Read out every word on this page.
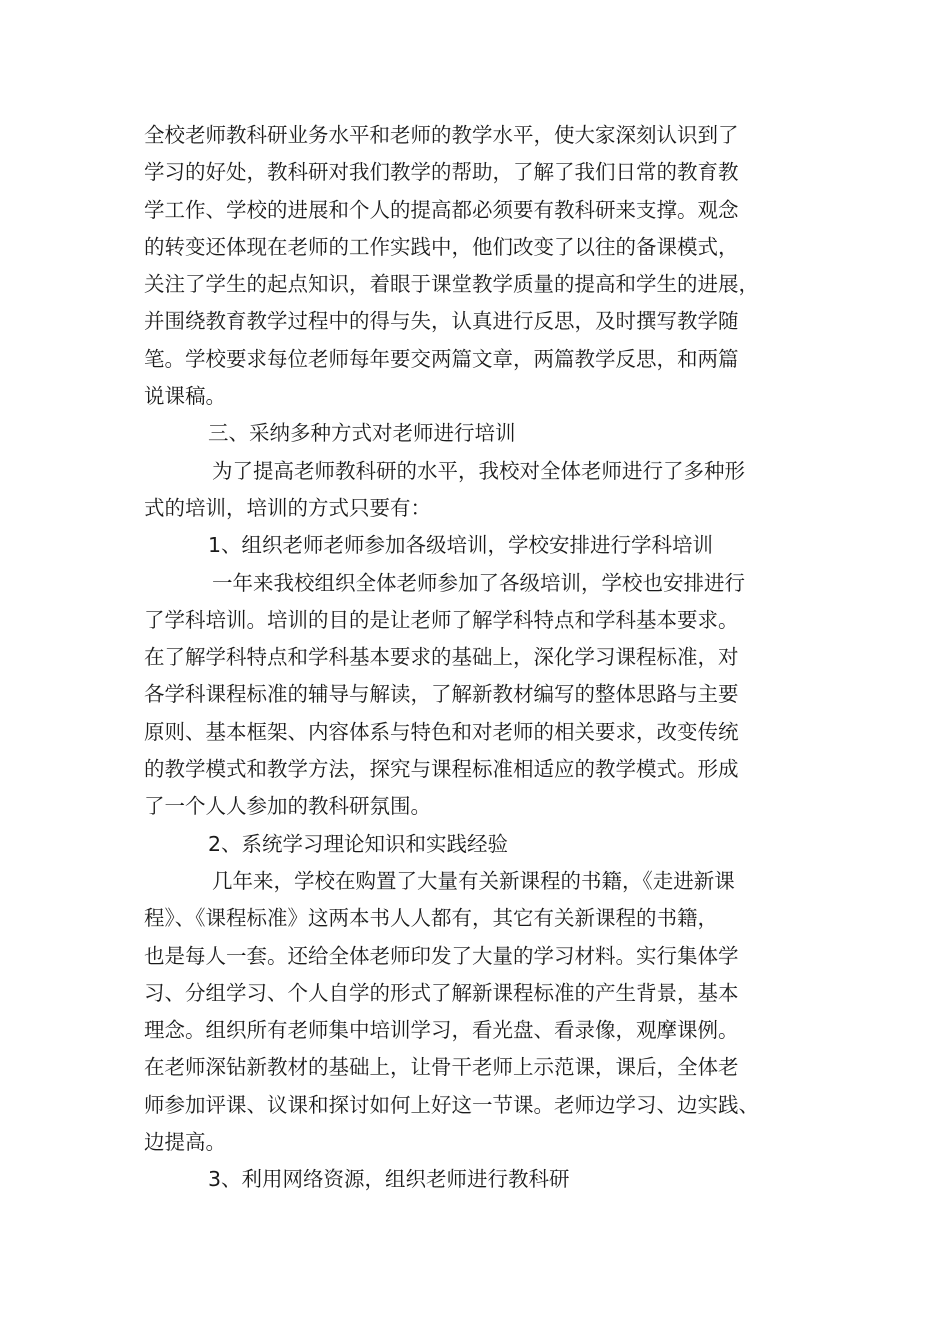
全校老师教科研业务水平和老师的教学水平，使大家深刻认识到了
学习的好处，教科研对我们教学的帮助，了解了我们日常的教育教
学工作、学校的进展和个人的提高都必须要有教科研来支撑。观念
的转变还体现在老师的工作实践中，他们改变了以往的备课模式，
关注了学生的起点知识，着眼于课堂教学质量的提高和学生的进展，
并围绕教育教学过程中的得与失，认真进行反思，及时撰写教学随
笔。学校要求每位老师每年要交两篇文章，两篇教学反思，和两篇
说课稿。

三、采纳多种方式对老师进行培训

为了提高老师教科研的水平，我校对全体老师进行了多种形
式的培训，培训的方式只要有：

1、组织老师老师参加各级培训，学校安排进行学科培训

一年来我校组织全体老师参加了各级培训，学校也安排进行
了学科培训。培训的目的是让老师了解学科特点和学科基本要求。
在了解学科特点和学科基本要求的基础上，深化学习课程标准，对
各学科课程标准的辅导与解读，了解新教材编写的整体思路与主要
原则、基本框架、内容体系与特色和对老师的相关要求，改变传统
的教学模式和教学方法，探究与课程标准相适应的教学模式。形成
了一个人人参加的教科研氛围。

2、系统学习理论知识和实践经验

几年来，学校在购置了大量有关新课程的书籍，《走进新课
程》、《课程标准》这两本书人人都有，其它有关新课程的书籍，
也是每人一套。还给全体老师印发了大量的学习材料。实行集体学
习、分组学习、个人自学的形式了解新课程标准的产生背景，基本
理念。组织所有老师集中培训学习，看光盘、看录像，观摩课例。
在老师深钻新教材的基础上，让骨干老师上示范课，课后，全体老
师参加评课、议课和探讨如何上好这一节课。老师边学习、边实践、
边提高。

3、利用网络资源，组织老师进行教科研
